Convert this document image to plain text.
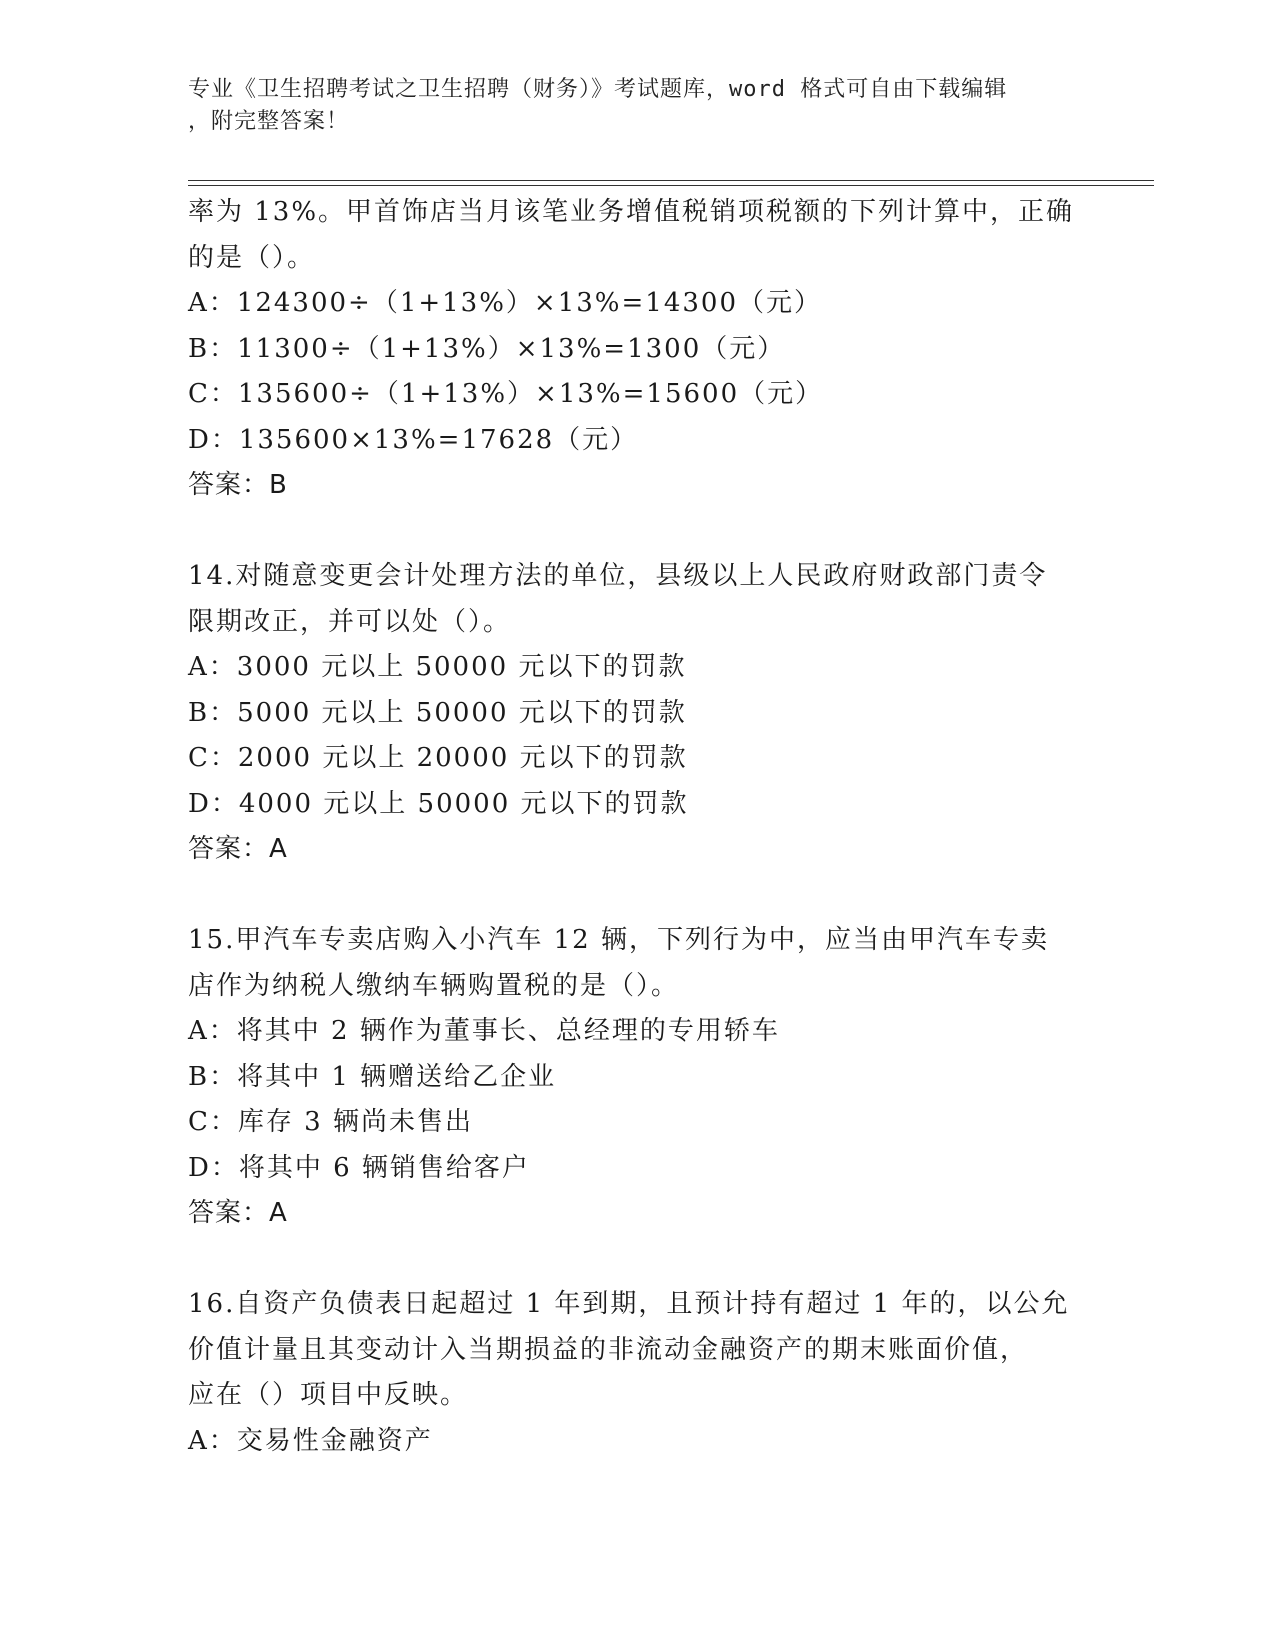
专业《卫生招聘考试之卫生招聘（财务）》考试题库，word 格式可自由下载编辑
，附完整答案！
率为 13%。甲首饰店当月该笔业务增值税销项税额的下列计算中，正确
的是（）。
A：124300÷（1+13%）×13%=14300（元）
B：11300÷（1+13%）×13%=1300（元）
C：135600÷（1+13%）×13%=15600（元）
D：135600×13%=17628（元）
答案：B
14.对随意变更会计处理方法的单位，县级以上人民政府财政部门责令
限期改正，并可以处（）。
A：3000 元以上 50000 元以下的罚款
B：5000 元以上 50000 元以下的罚款
C：2000 元以上 20000 元以下的罚款
D：4000 元以上 50000 元以下的罚款
答案：A
15.甲汽车专卖店购入小汽车 12 辆，下列行为中，应当由甲汽车专卖
店作为纳税人缴纳车辆购置税的是（）。
A：将其中 2 辆作为董事长、总经理的专用轿车
B：将其中 1 辆赠送给乙企业
C：库存 3 辆尚未售出
D：将其中 6 辆销售给客户
答案：A
16.自资产负债表日起超过 1 年到期，且预计持有超过 1 年的，以公允
价值计量且其变动计入当期损益的非流动金融资产的期末账面价值，
应在（）项目中反映。
A：交易性金融资产
